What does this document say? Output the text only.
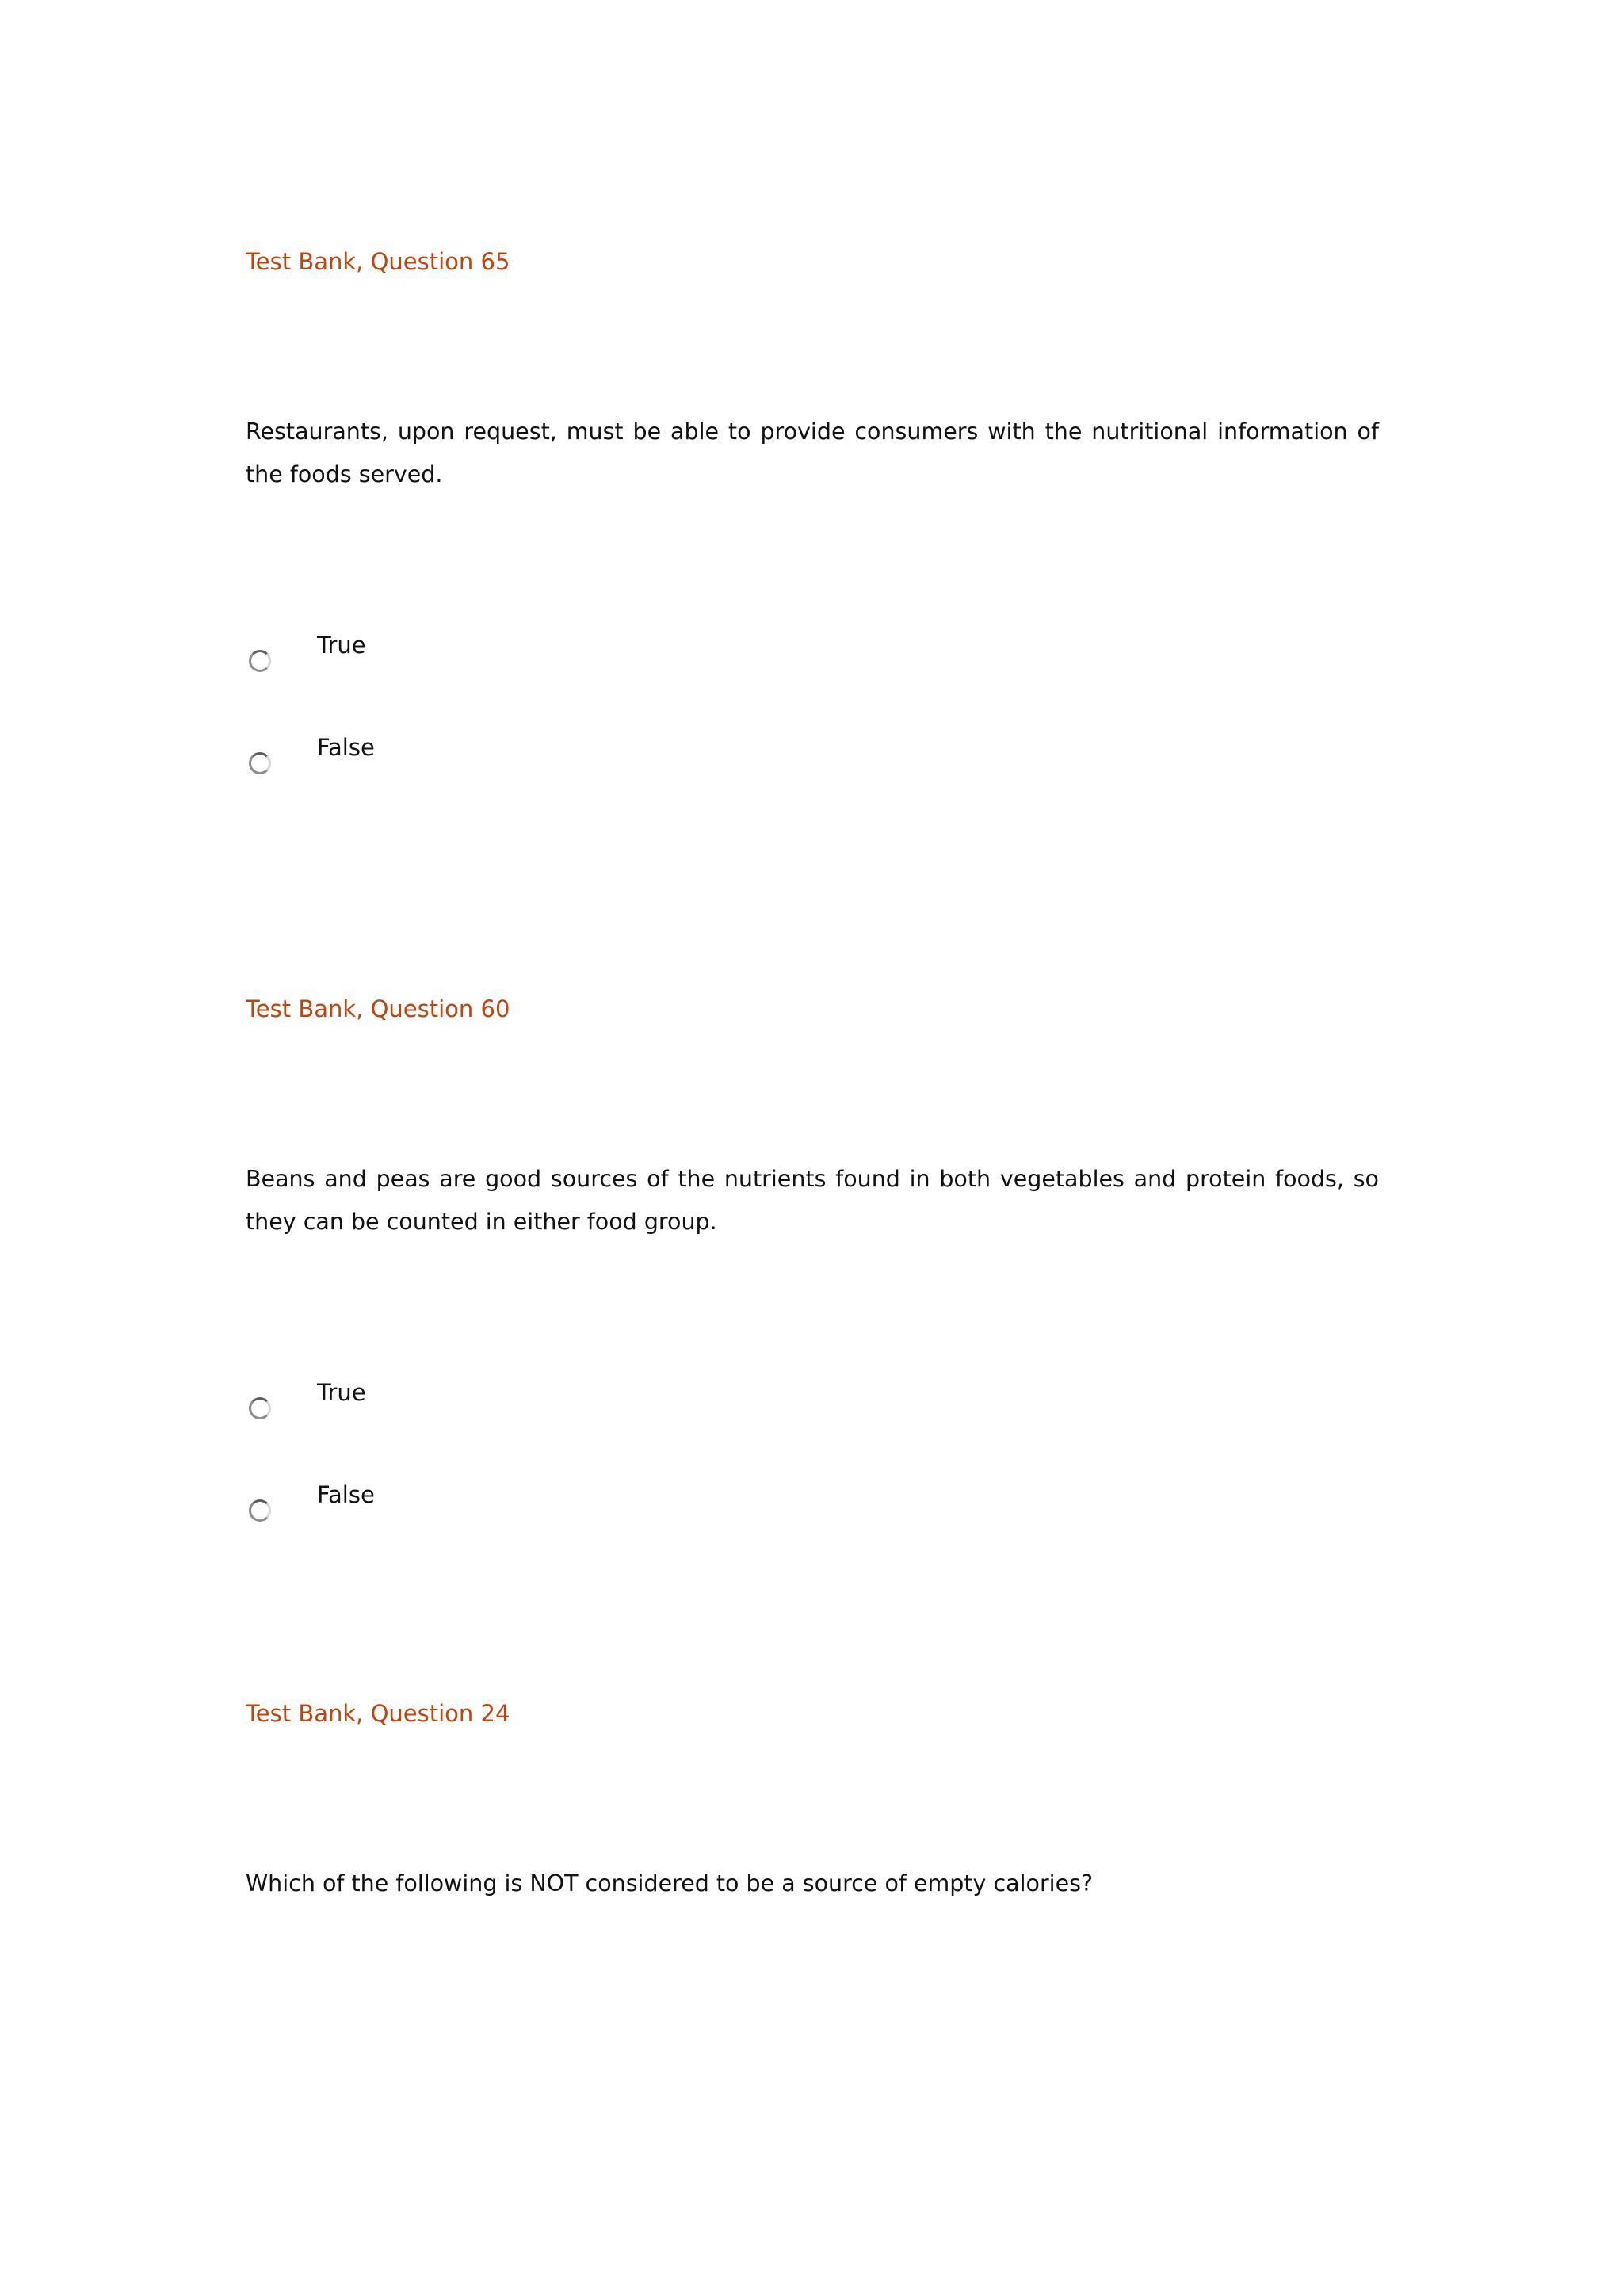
Test Bank, Question 65
Restaurants, upon request, must be able to provide consumers with the nutritional information of the foods served.
True
False
Test Bank, Question 60
Beans and peas are good sources of the nutrients found in both vegetables and protein foods, so they can be counted in either food group.
True
False
Test Bank, Question 24
Which of the following is NOT considered to be a source of empty calories?
